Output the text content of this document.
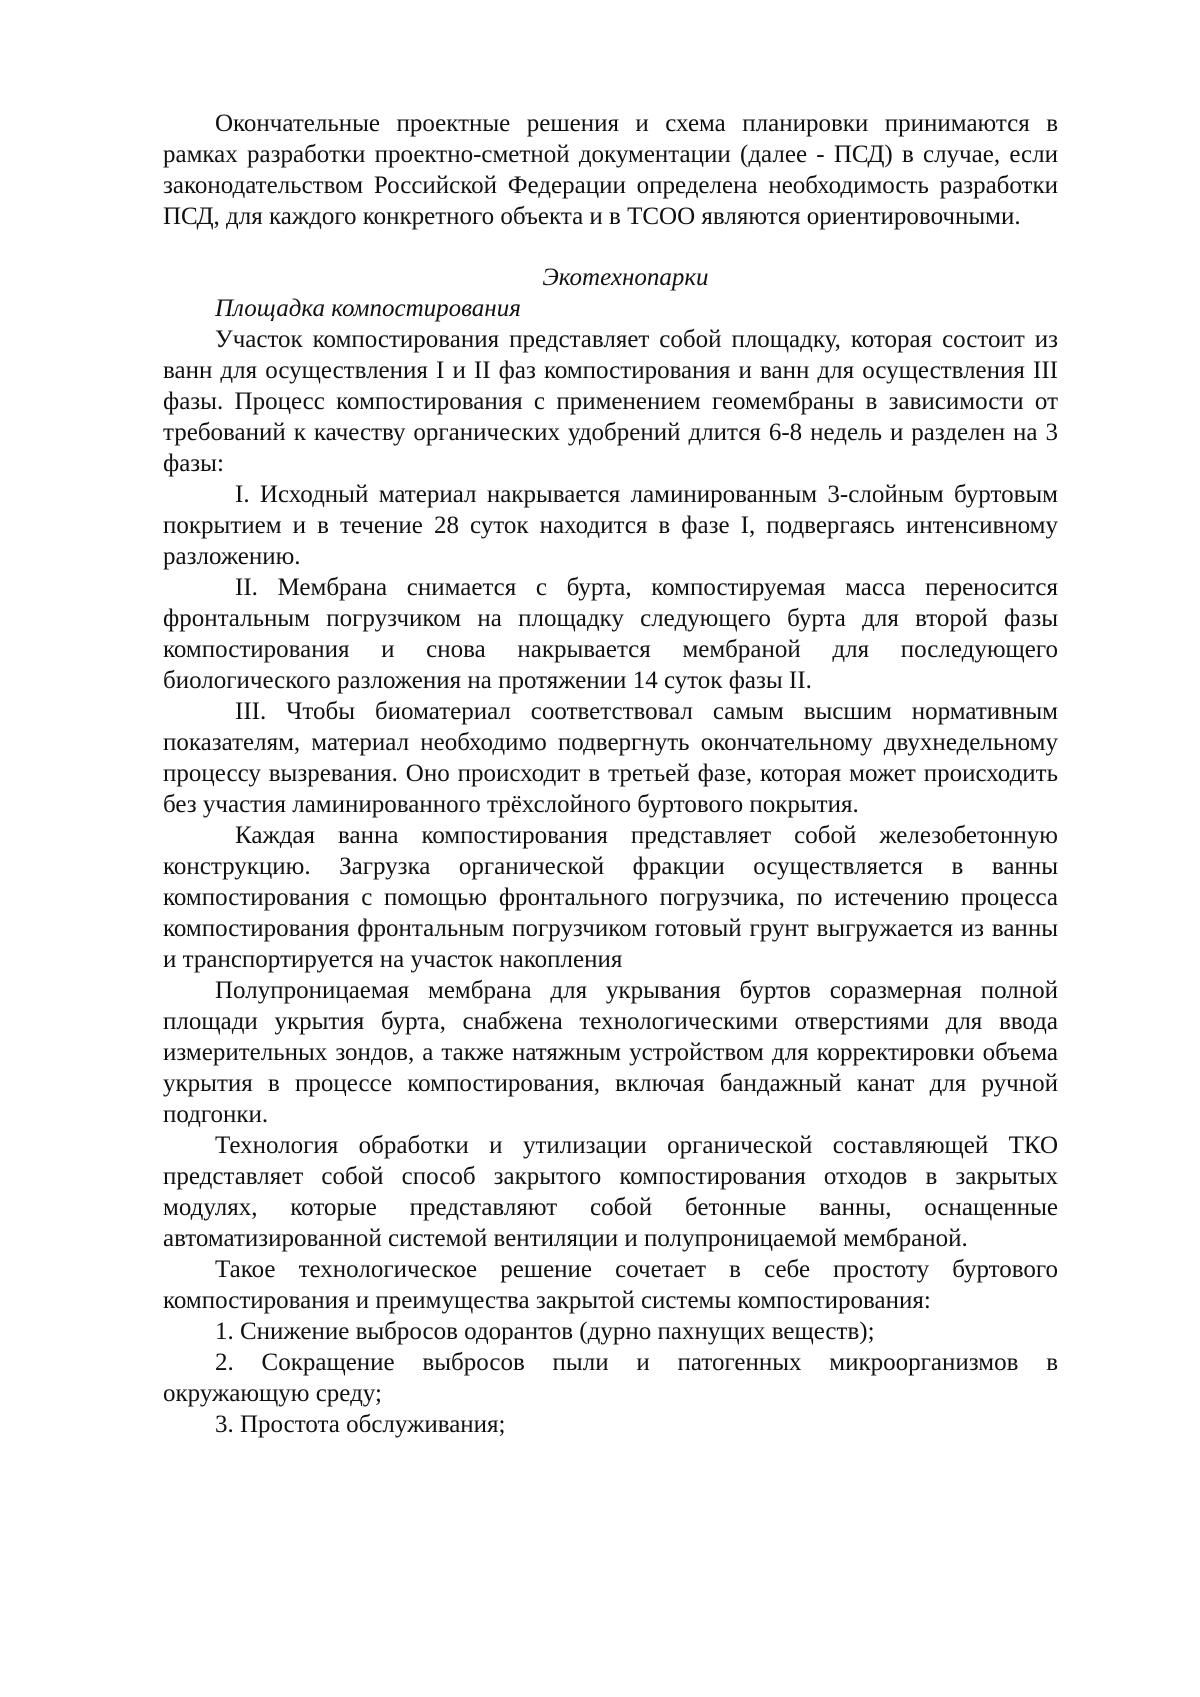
Окончательные проектные решения и схема планировки принимаются в рамках разработки проектно-сметной документации (далее - ПСД) в случае, если законодательством Российской Федерации определена необходимость разработки ПСД, для каждого конкретного объекта и в ТСОО являются ориентировочными.

Экотехнопарки
Площадка компостирования

Участок компостирования представляет собой площадку, которая состоит из ванн для осуществления I и II фаз компостирования и ванн для осуществления III фазы. Процесс компостирования с применением геомембраны в зависимости от требований к качеству органических удобрений длится 6-8 недель и разделен на 3 фазы:

I. Исходный материал накрывается ламинированным 3-слойным буртовым покрытием и в течение 28 суток находится в фазе I, подвергаясь интенсивному разложению.

II. Мембрана снимается с бурта, компостируемая масса переносится фронтальным погрузчиком на площадку следующего бурта для второй фазы компостирования и снова накрывается мембраной для последующего биологического разложения на протяжении 14 суток фазы II.

III. Чтобы биоматериал соответствовал самым высшим нормативным показателям, материал необходимо подвергнуть окончательному двухнедельному процессу вызревания. Оно происходит в третьей фазе, которая может происходить без участия ламинированного трёхслойного буртового покрытия.

Каждая ванна компостирования представляет собой железобетонную конструкцию. Загрузка органической фракции осуществляется в ванны компостирования с помощью фронтального погрузчика, по истечению процесса компостирования фронтальным погрузчиком готовый грунт выгружается из ванны и транспортируется на участок накопления

Полупроницаемая мембрана для укрывания буртов соразмерная полной площади укрытия бурта, снабжена технологическими отверстиями для ввода измерительных зондов, а также натяжным устройством для корректировки объема укрытия в процессе компостирования, включая бандажный канат для ручной подгонки.

Технология обработки и утилизации органической составляющей ТКО представляет собой способ закрытого компостирования отходов в закрытых модулях, которые представляют собой бетонные ванны, оснащенные автоматизированной системой вентиляции и полупроницаемой мембраной.

Такое технологическое решение сочетает в себе простоту буртового компостирования и преимущества закрытой системы компостирования:

1. Снижение выбросов одорантов (дурно пахнущих веществ);

2. Сокращение выбросов пыли и патогенных микроорганизмов в окружающую среду;

3. Простота обслуживания;
